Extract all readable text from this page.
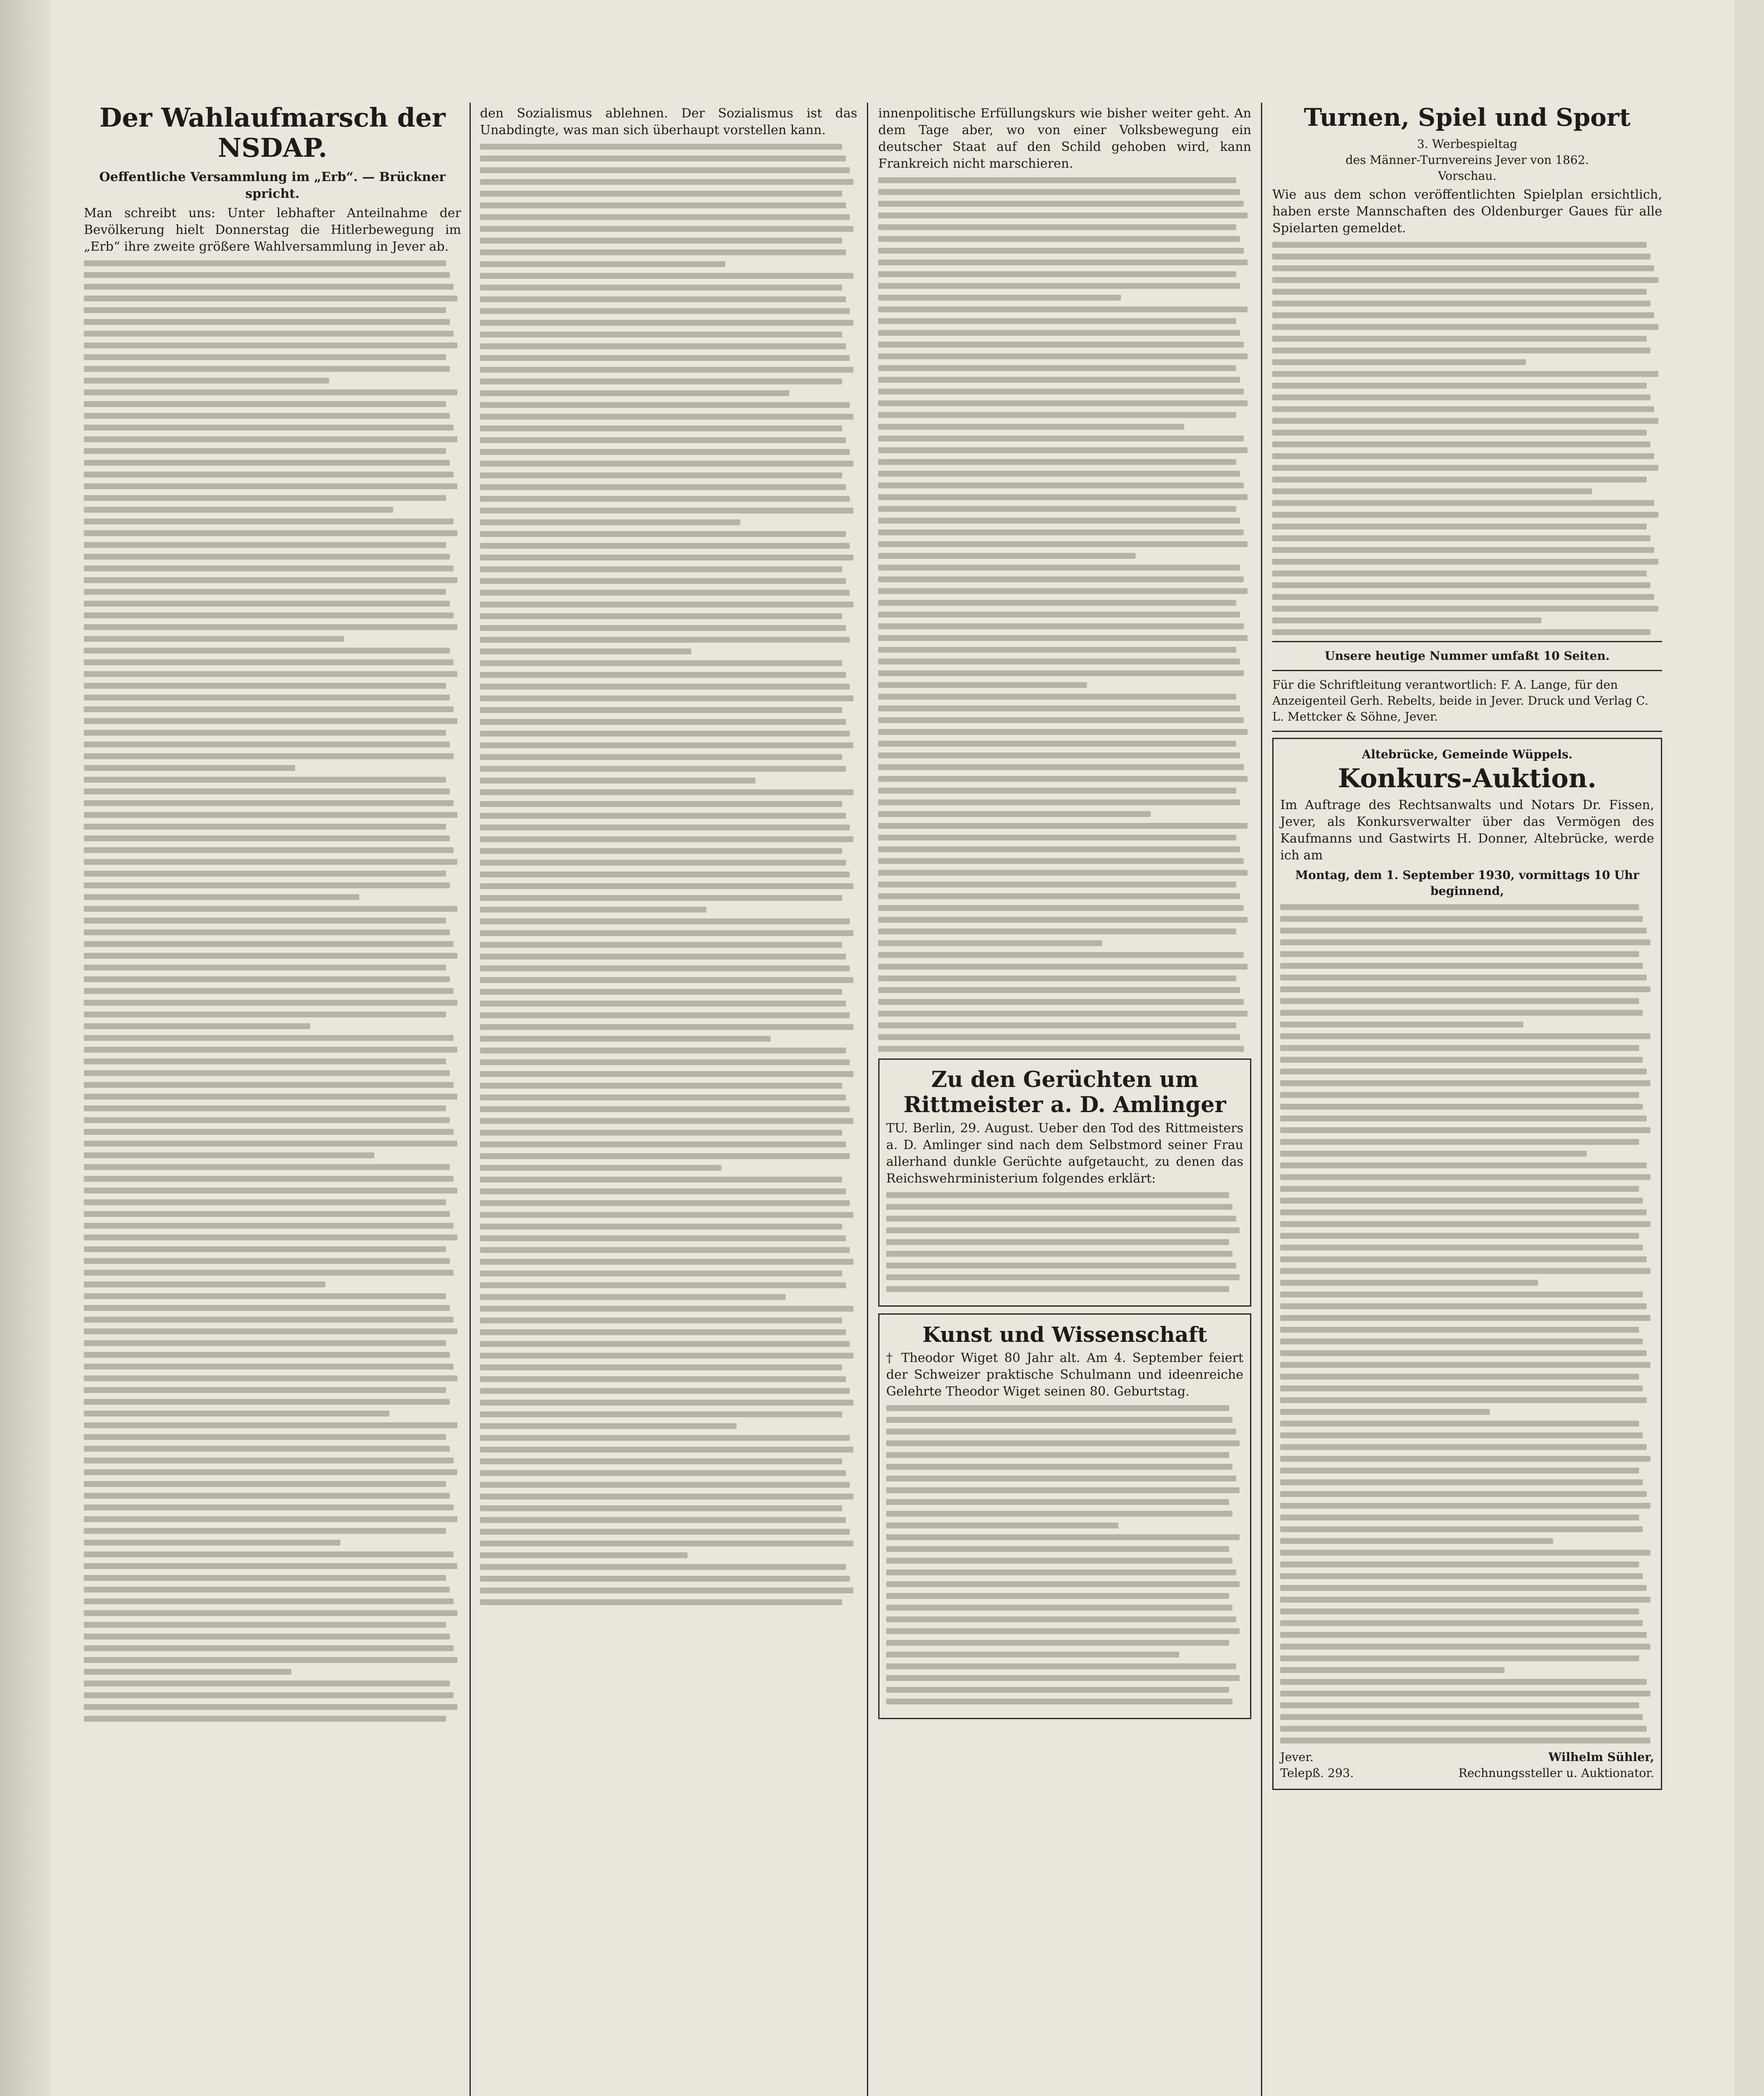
Der Wahlaufmarsch der NSDAP.
Oeffentliche Versammlung im „Erb“. — Brückner spricht.
Man schreibt uns: Unter lebhafter Anteilnahme der Bevölkerung hielt Donnerstag die Hitlerbewegung im „Erb“ ihre zweite größere Wahlversammlung in Jever ab.
den Sozialismus ablehnen. Der Sozialismus ist das Unabdingte, was man sich überhaupt vorstellen kann.
innenpolitische Erfüllungskurs wie bisher weiter geht. An dem Tage aber, wo von einer Volksbewegung ein deutscher Staat auf den Schild gehoben wird, kann Frankreich nicht marschieren.
Zu den Gerüchten um Rittmeister a. D. Amlinger
TU. Berlin, 29. August. Ueber den Tod des Rittmeisters a. D. Amlinger sind nach dem Selbstmord seiner Frau allerhand dunkle Gerüchte aufgetaucht, zu denen das Reichswehrministerium folgendes erklärt:
Kunst und Wissenschaft
† Theodor Wiget 80 Jahr alt. Am 4. September feiert der Schweizer praktische Schulmann und ideenreiche Gelehrte Theodor Wiget seinen 80. Geburtstag.
Turnen, Spiel und Sport
3. Werbespieltag
des Männer-Turnvereins Jever von 1862.
Vorschau.
Wie aus dem schon veröffentlichten Spielplan ersichtlich, haben erste Mannschaften des Oldenburger Gaues für alle Spielarten gemeldet.
Unsere heutige Nummer umfaßt 10 Seiten.
Für die Schriftleitung verantwortlich: F. A. Lange, für den Anzeigenteil Gerh. Rebelts, beide in Jever. Druck und Verlag C. L. Mettcker & Söhne, Jever.
Altebrücke, Gemeinde Wüppels.
Konkurs-Auktion.
Im Auftrage des Rechtsanwalts und Notars Dr. Fissen, Jever, als Konkursverwalter über das Vermögen des Kaufmanns und Gastwirts H. Donner, Altebrücke, werde ich am
Montag, dem 1. September 1930, vormittags 10 Uhr beginnend,
Jever.
Telepß. 293.
Wilhelm Sühler,
Rechnungssteller u. Auktionator.
